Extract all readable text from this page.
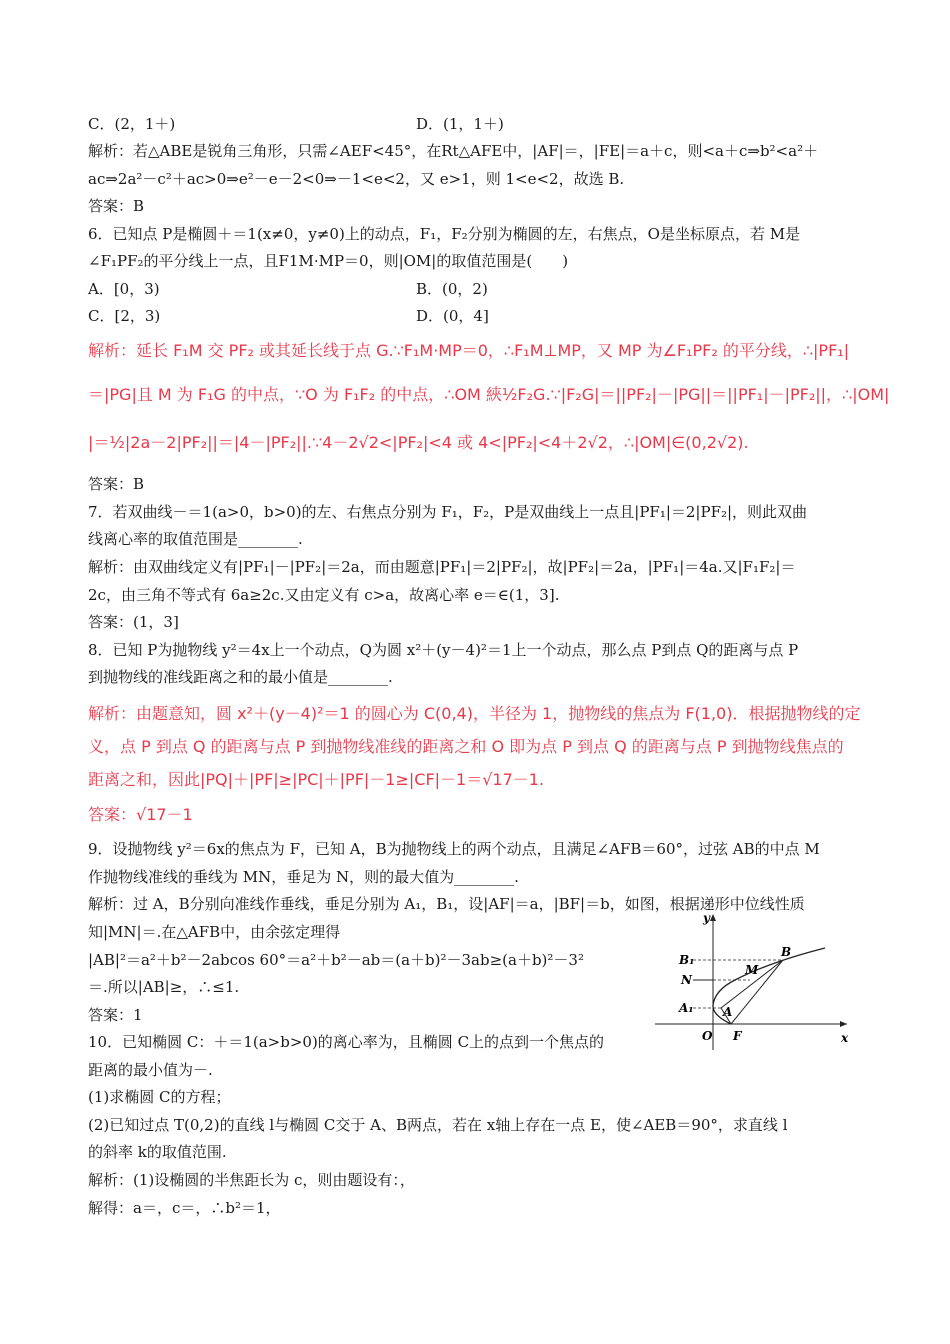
C．(2，1＋)	D．(1，1＋)
解析：若△ABE是锐角三角形，只需∠AEF<45°，在Rt△AFE中，|AF|＝，|FE|＝a＋c，则<a＋c⇒b²<a²＋
ac⇒2a²－c²＋ac>0⇒e²－e－2<0⇒－1<e<2，又 e>1，则 1<e<2，故选 B.
答案：B
6．已知点 P是椭圆＋＝1(x≠0，y≠0)上的动点，F₁，F₂分别为椭圆的左，右焦点，O是坐标原点，若 M是
∠F₁PF₂的平分线上一点，且F1M·MP＝0，则|OM|的取值范围是(　　)
A．[0，3)	B．(0，2)
C．[2，3)	D．(0，4]
解析：延长 F₁M 交 PF₂ 或其延长线于点 G.∵F₁M·MP＝0，∴F₁M⊥MP，又 MP 为∠F₁PF₂ 的平分线，∴|PF₁|
＝|PG|且 M 为 F₁G 的中点，∵O 为 F₁F₂ 的中点，∴OM 綊½F₂G.∵|F₂G|＝||PF₂|－|PG||＝||PF₁|－|PF₂||，∴|OM|
|＝½|2a－2|PF₂||＝|4－|PF₂||.∵4－2√2<|PF₂|<4 或 4<|PF₂|<4＋2√2，∴|OM|∈(0,2√2).
答案：B
7．若双曲线－＝1(a>0，b>0)的左、右焦点分别为 F₁，F₂，P是双曲线上一点且|PF₁|＝2|PF₂|，则此双曲
线离心率的取值范围是________.
解析：由双曲线定义有|PF₁|－|PF₂|＝2a，而由题意|PF₁|＝2|PF₂|，故|PF₂|＝2a，|PF₁|＝4a.又|F₁F₂|＝
2c，由三角不等式有 6a≥2c.又由定义有 c>a，故离心率 e＝∈(1，3].
答案：(1，3]
8．已知 P为抛物线 y²＝4x上一个动点，Q为圆 x²＋(y－4)²＝1上一个动点，那么点 P到点 Q的距离与点 P
到抛物线的准线距离之和的最小值是________.
解析：由题意知，圆 x²＋(y－4)²＝1 的圆心为 C(0,4)，半径为 1，抛物线的焦点为 F(1,0)．根据抛物线的定
义，点 P 到点 Q 的距离与点 P 到抛物线准线的距离之和 O 即为点 P 到点 Q 的距离与点 P 到抛物线焦点的
距离之和，因此|PQ|＋|PF|≥|PC|＋|PF|－1≥|CF|－1＝√17－1.
答案：√17－1
9．设抛物线 y²＝6x的焦点为 F，已知 A，B为抛物线上的两个动点，且满足∠AFB＝60°，过弦 AB的中点 M
作抛物线准线的垂线为 MN，垂足为 N，则的最大值为________.
解析：过 A，B分别向准线作垂线，垂足分别为 A₁，B₁，设|AF|＝a，|BF|＝b，如图，根据递形中位线性质
知|MN|＝.在△AFB中，由余弦定理得
|AB|²＝a²＋b²－2abcos 60°＝a²＋b²－ab＝(a＋b)²－3ab≥(a＋b)²－3²
＝.所以|AB|≥，∴≤1.
答案：1
10．已知椭圆 C：＋＝1(a>b>0)的离心率为，且椭圆 C上的点到一个焦点的
距离的最小值为－.
(1)求椭圆 C的方程；
(2)已知过点 T(0,2)的直线 l与椭圆 C交于 A、B两点，若在 x轴上存在一点 E，使∠AEB＝90°，求直线 l
的斜率 k的取值范围.
解析：(1)设椭圆的半焦距长为 c，则由题设有：，
解得：a＝，c＝，∴b²＝1，
y
x
O F
A
A₁
N
B₁
M
B
